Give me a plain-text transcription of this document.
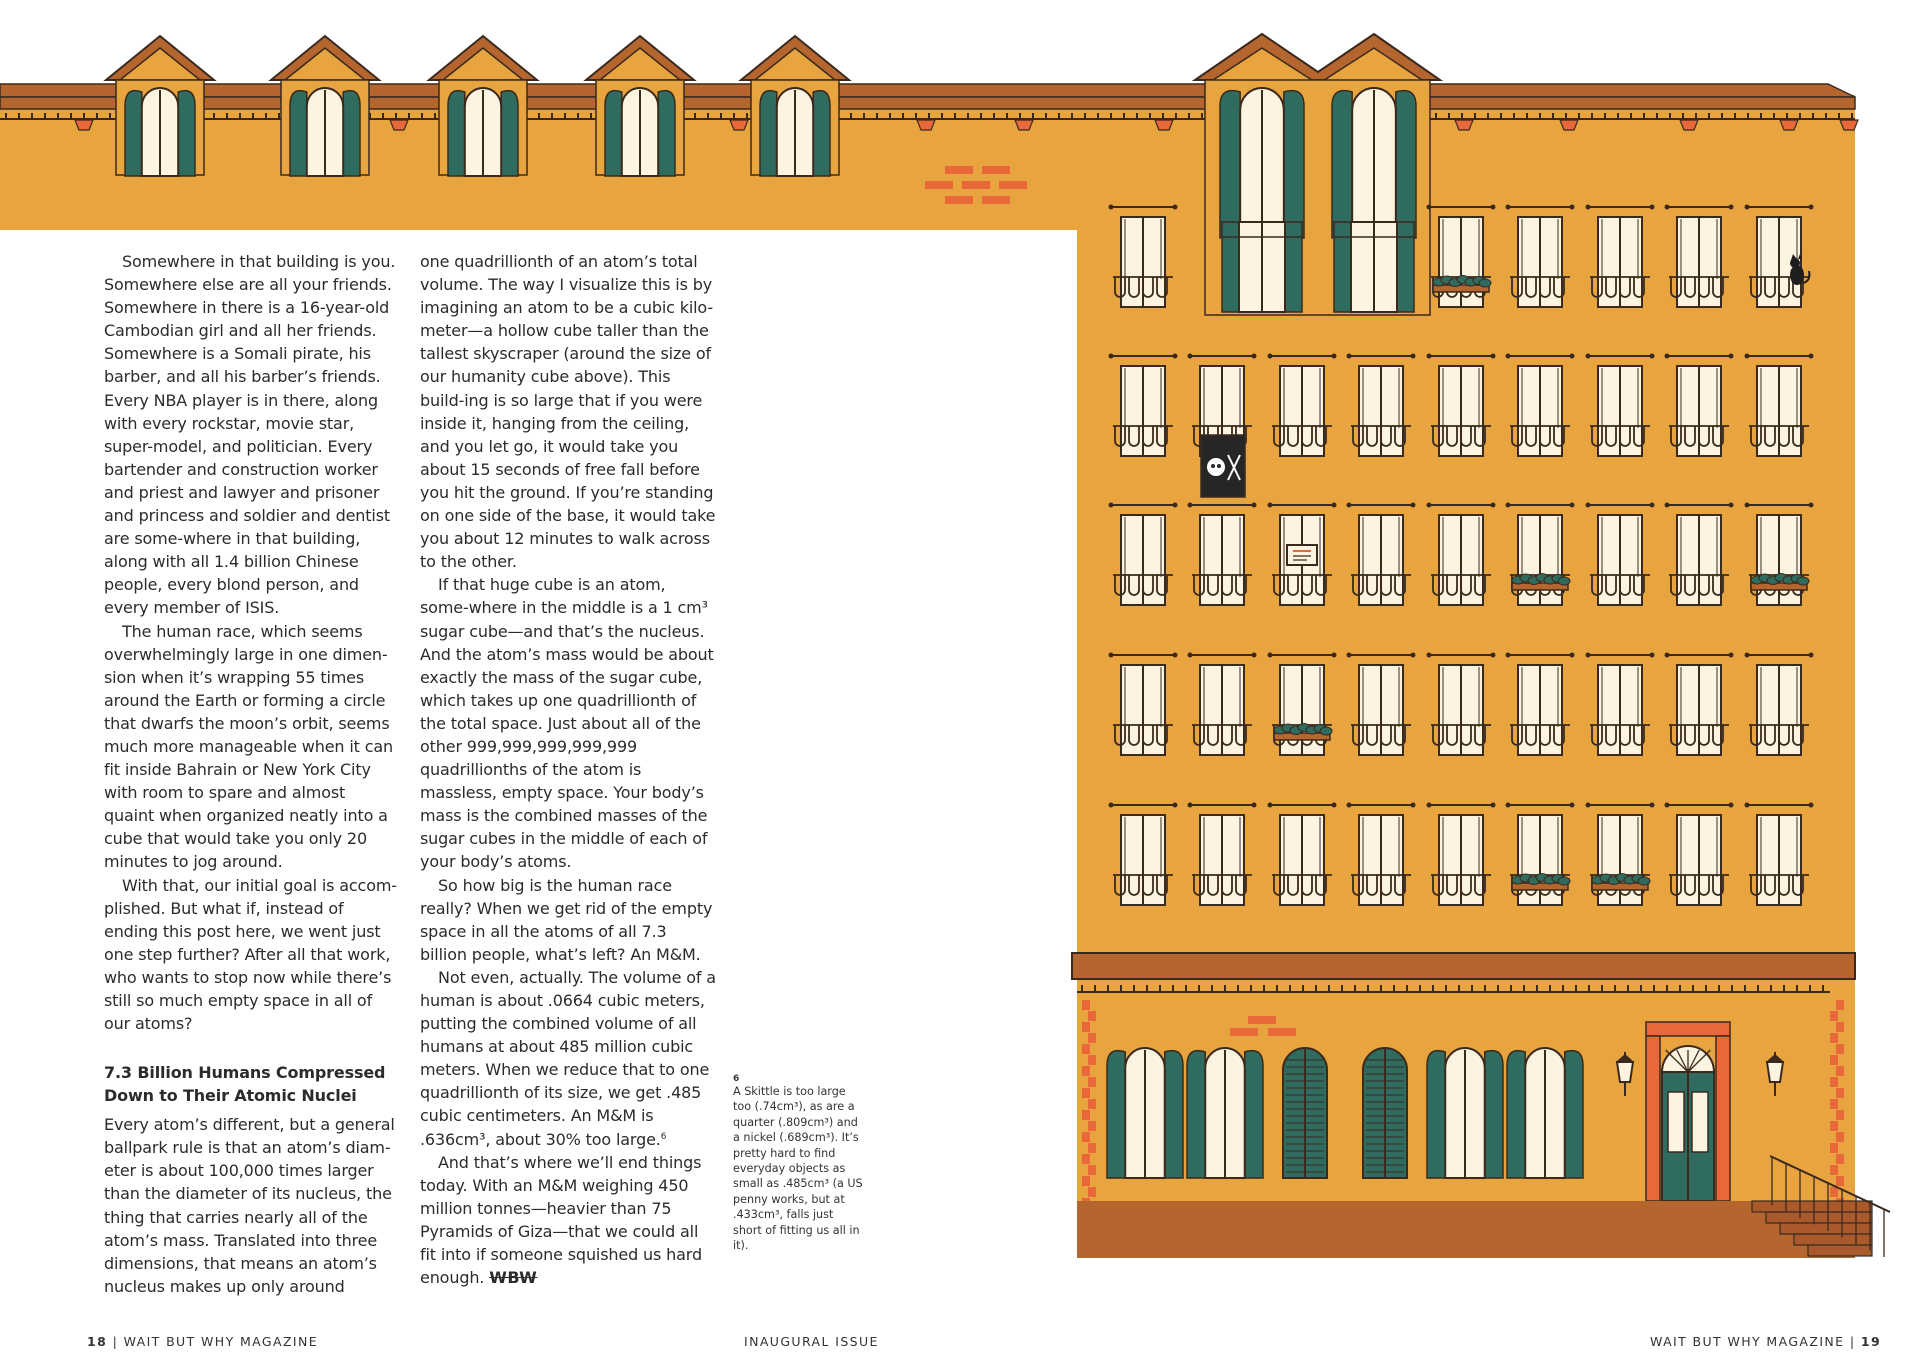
Somewhere in that building is you. Somewhere else are all your friends. Somewhere in there is a 16-year-old Cambodian girl and all her friends. Somewhere is a Somali pirate, his barber, and all his barber’s friends. Every NBA player is in there, along with every rockstar, movie star, super-model, and politician. Every bartender and construction worker and priest and lawyer and prisoner and princess and soldier and dentist are some-where in that building, along with all 1.4 billion Chinese people, every blond person, and every member of ISIS.

The human race, which seems overwhelmingly large in one dimen-sion when it’s wrapping 55 times around the Earth or forming a circle that dwarfs the moon’s orbit, seems much more manageable when it can fit inside Bahrain or New York City with room to spare and almost quaint when organized neatly into a cube that would take you only 20 minutes to jog around.

With that, our initial goal is accom-plished. But what if, instead of ending this post here, we went just one step further? After all that work, who wants to stop now while there’s still so much empty space in all of our atoms?

7.3 Billion Humans Compressed Down to Their Atomic Nuclei

Every atom’s different, but a general ballpark rule is that an atom’s diam-eter is about 100,000 times larger than the diameter of its nucleus, the thing that carries nearly all of the atom’s mass. Translated into three dimensions, that means an atom’s nucleus makes up only around

one quadrillionth of an atom’s total volume. The way I visualize this is by imagining an atom to be a cubic kilo-meter—a hollow cube taller than the tallest skyscraper (around the size of our humanity cube above). This build-ing is so large that if you were inside it, hanging from the ceiling, and you let go, it would take you about 15 seconds of free fall before you hit the ground. If you’re standing on one side of the base, it would take you about 12 minutes to walk across to the other.

If that huge cube is an atom, some-where in the middle is a 1 cm³ sugar cube—and that’s the nucleus. And the atom’s mass would be about exactly the mass of the sugar cube, which takes up one quadrillionth of the total space. Just about all of the other 999,999,999,999,999 quadrillionths of the atom is massless, empty space. Your body’s mass is the combined masses of the sugar cubes in the middle of each of your body’s atoms.

So how big is the human race really? When we get rid of the empty space in all the atoms of all 7.3 billion people, what’s left? An M&M.

Not even, actually. The volume of a human is about .0664 cubic meters, putting the combined volume of all humans at about 485 million cubic meters. When we reduce that to one quadrillionth of its size, we get .485 cubic centimeters. An M&M is .636cm³, about 30% too large.$^6$

And that’s where we’ll end things today. With an M&M weighing 450 million tonnes—heavier than 75 Pyramids of Giza—that we could all fit into if someone squished us hard enough. WBW

6
A Skittle is too large too (.74cm³), as are a quarter (.809cm³) and a nickel (.689cm³). It’s pretty hard to find everyday objects as small as .485cm³ (a US penny works, but at .433cm³, falls just short of fitting us all in it).
18 | WAIT BUT WHY MAGAZINE	INAUGURAL ISSUE	WAIT BUT WHY MAGAZINE | 19
